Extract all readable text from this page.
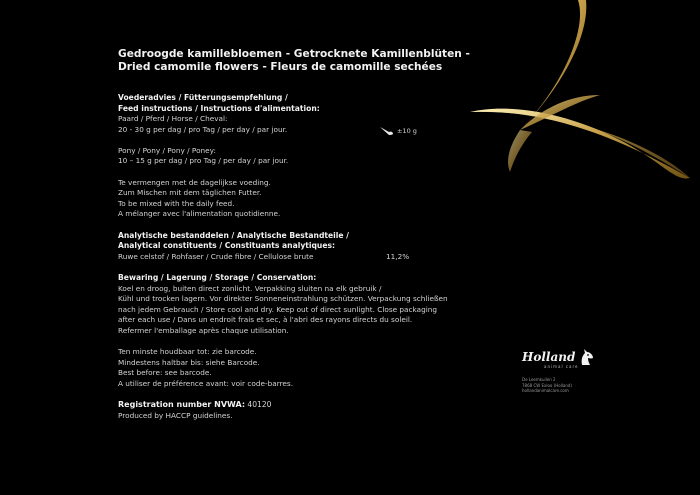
Gedroogde kamillebloemen - Getrocknete Kamillenblüten -
Dried camomile flowers - Fleurs de camomille sechées
Voederadvies / Fütterungsempfehlung /
Feed instructions / Instructions d'alimentation:
Paard / Pferd / Horse / Cheval:
20 - 30 g per dag / pro Tag / per day / par jour.
Pony / Pony / Pony / Poney:
10 – 15 g per dag / pro Tag / per day / par jour.
Te vermengen met de dagelijkse voeding.
Zum Mischen mit dem täglichen Futter.
To be mixed with the daily feed.
A mélanger avec l'alimentation quotidienne.
Analytische bestanddelen / Analytische Bestandteile /
Analytical constituents / Constituants analytiques:
Ruwe celstof / Rohfaser / Crude fibre / Cellulose brute	11,2%
Bewaring / Lagerung / Storage / Conservation:
Koel en droog, buiten direct zonlicht. Verpakking sluiten na elk gebruik /
Kühl und trocken lagern. Vor direkter Sonneneinstrahlung schützen. Verpackung schließen
nach jedem Gebrauch / Store cool and dry. Keep out of direct sunlight. Close packaging
after each use / Dans un endroit frais et sec, à l'abri des rayons directs du soleil.
Refermer l'emballage après chaque utilisation.
Ten minste houdbaar tot: zie barcode.
Mindestens haltbar bis: siehe Barcode.
Best before: see barcode.
A utiliser de préférence avant: voir code-barres.
Registration number NVWA: 40120
Produced by HACCP guidelines.
±10 g
Holland
animal care
De Leemkuilen 2
7868 CW Exloo (Holland)
hollandanimalcare.com
